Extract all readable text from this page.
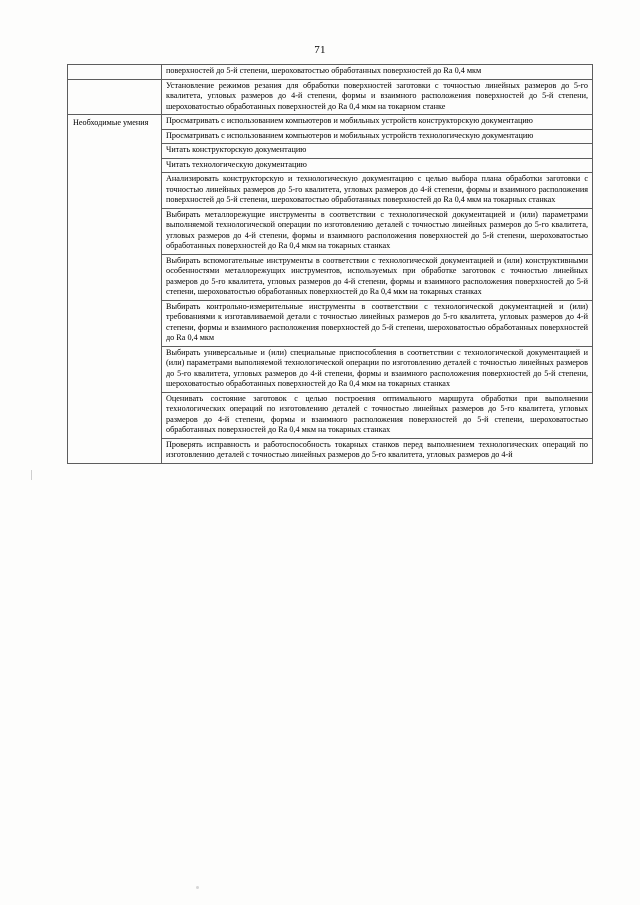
71
	поверхностей до 5-й степени, шероховатостью обработанных поверхностей до Ra 0,4 мкм
	Установление режимов резания для обработки поверхностей заготовки с точностью линейных размеров до 5-го квалитета, угловых размеров до 4-й степени, формы и взаимного расположения поверхностей до 5-й степени, шероховатостью обработанных поверхностей до Ra 0,4 мкм на токарном станке
Необходимые умения	Просматривать с использованием компьютеров и мобильных устройств конструкторскую документацию
	Просматривать с использованием компьютеров и мобильных устройств технологическую документацию
	Читать конструкторскую документацию
	Читать технологическую документацию
	Анализировать конструкторскую и технологическую документацию с целью выбора плана обработки заготовки с точностью линейных размеров до 5-го квалитета, угловых размеров до 4-й степени, формы и взаимного расположения поверхностей до 5-й степени, шероховатостью обработанных поверхностей до Ra 0,4 мкм на токарных станках
	Выбирать металлорежущие инструменты в соответствии с технологической документацией и (или) параметрами выполняемой технологической операции по изготовлению деталей с точностью линейных размеров до 5-го квалитета, угловых размеров до 4-й степени, формы и взаимного расположения поверхностей до 5-й степени, шероховатостью обработанных поверхностей до Ra 0,4 мкм на токарных станках
	Выбирать вспомогательные инструменты в соответствии с технологической документацией и (или) конструктивными особенностями металлорежущих инструментов, используемых при обработке заготовок с точностью линейных размеров до 5-го квалитета, угловых размеров до 4-й степени, формы и взаимного расположения поверхностей до 5-й степени, шероховатостью обработанных поверхностей до Ra 0,4 мкм на токарных станках
	Выбирать контрольно-измерительные инструменты в соответствии с технологической документацией и (или) требованиями к изготавливаемой детали с точностью линейных размеров до 5-го квалитета, угловых размеров до 4-й степени, формы и взаимного расположения поверхностей до 5-й степени, шероховатостью обработанных поверхностей до Ra 0,4 мкм
	Выбирать универсальные и (или) специальные приспособления в соответствии с технологической документацией и (или) параметрами выполняемой технологической операции по изготовлению деталей с точностью линейных размеров до 5-го квалитета, угловых размеров до 4-й степени, формы и взаимного расположения поверхностей до 5-й степени, шероховатостью обработанных поверхностей до Ra 0,4 мкм на токарных станках
	Оценивать состояние заготовок с целью построения оптимального маршрута обработки при выполнении технологических операций по изготовлению деталей с точностью линейных размеров до 5-го квалитета, угловых размеров до 4-й степени, формы и взаимного расположения поверхностей до 5-й степени, шероховатостью обработанных поверхностей до Ra 0,4 мкм на токарных станках
	Проверять исправность и работоспособность токарных станков перед выполнением технологических операций по изготовлению деталей с точностью линейных размеров до 5-го квалитета, угловых размеров до 4-й
